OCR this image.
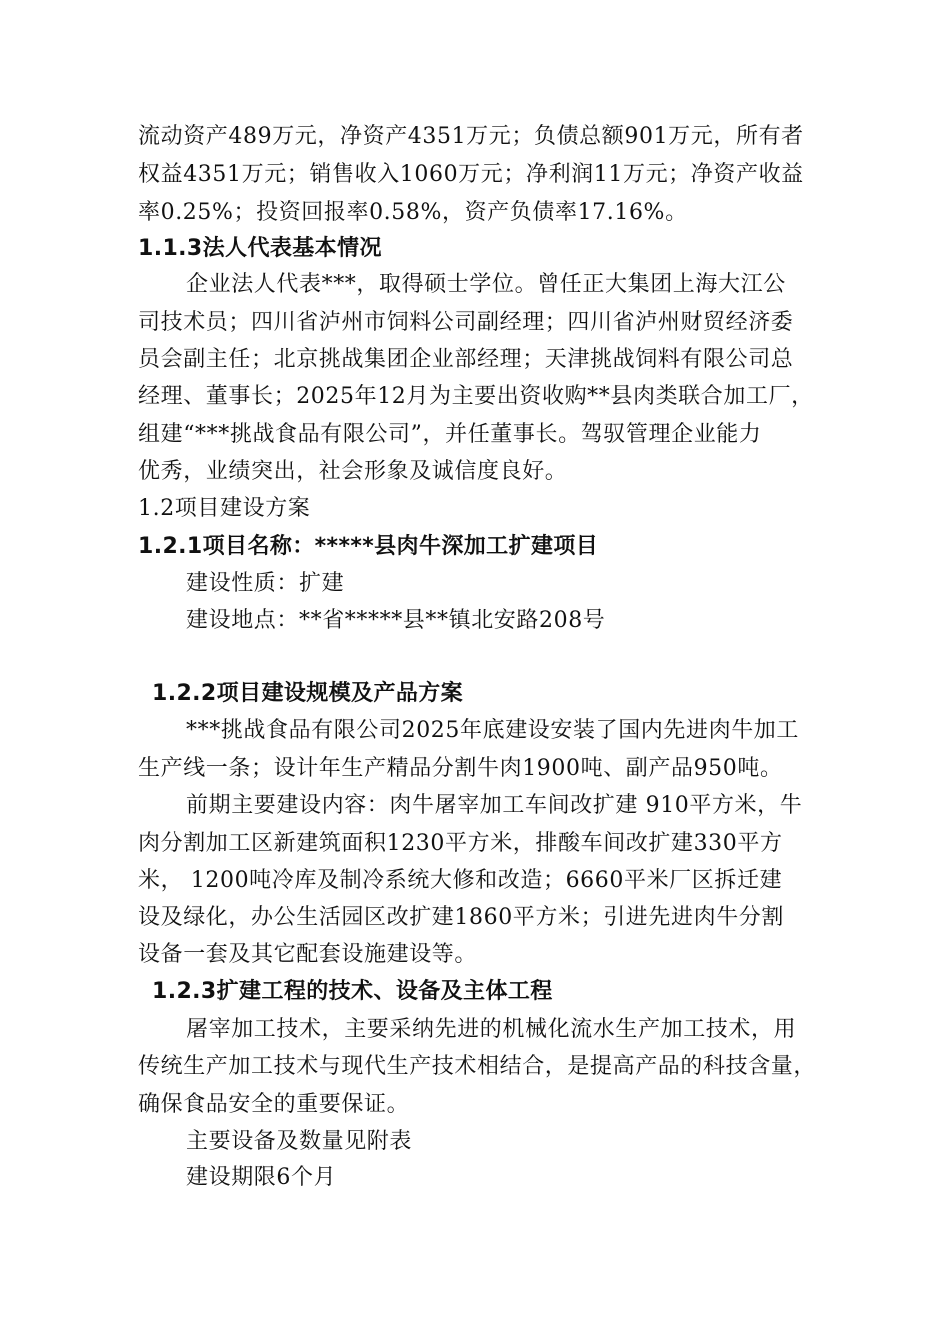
流动资产489万元，净资产4351万元；负债总额901万元，所有者
权益4351万元；销售收入1060万元；净利润11万元；净资产收益
率0.25%；投资回报率0.58%，资产负债率17.16%。
1.1.3法人代表基本情况
企业法人代表***，取得硕士学位。曾任正大集团上海大江公
司技术员；四川省泸州市饲料公司副经理；四川省泸州财贸经济委
员会副主任；北京挑战集团企业部经理；天津挑战饲料有限公司总
经理、董事长；2025年12月为主要出资收购**县肉类联合加工厂，
组建“***挑战食品有限公司”，并任董事长。驾驭管理企业能力
优秀，业绩突出，社会形象及诚信度良好。
1.2项目建设方案
1.2.1项目名称：*****县肉牛深加工扩建项目
建设性质：扩建
建设地点：**省*****县**镇北安路208号
1.2.2项目建设规模及产品方案
***挑战食品有限公司2025年底建设安装了国内先进肉牛加工
生产线一条；设计年生产精品分割牛肉1900吨、副产品950吨。
前期主要建设内容：肉牛屠宰加工车间改扩建 910平方米，牛
肉分割加工区新建筑面积1230平方米，排酸车间改扩建330平方
米， 1200吨冷库及制冷系统大修和改造；6660平米厂区拆迁建
设及绿化，办公生活园区改扩建1860平方米；引进先进肉牛分割
设备一套及其它配套设施建设等。
1.2.3扩建工程的技术、设备及主体工程
屠宰加工技术，主要采纳先进的机械化流水生产加工技术，用
传统生产加工技术与现代生产技术相结合，是提高产品的科技含量，
确保食品安全的重要保证。
主要设备及数量见附表
建设期限6个月
